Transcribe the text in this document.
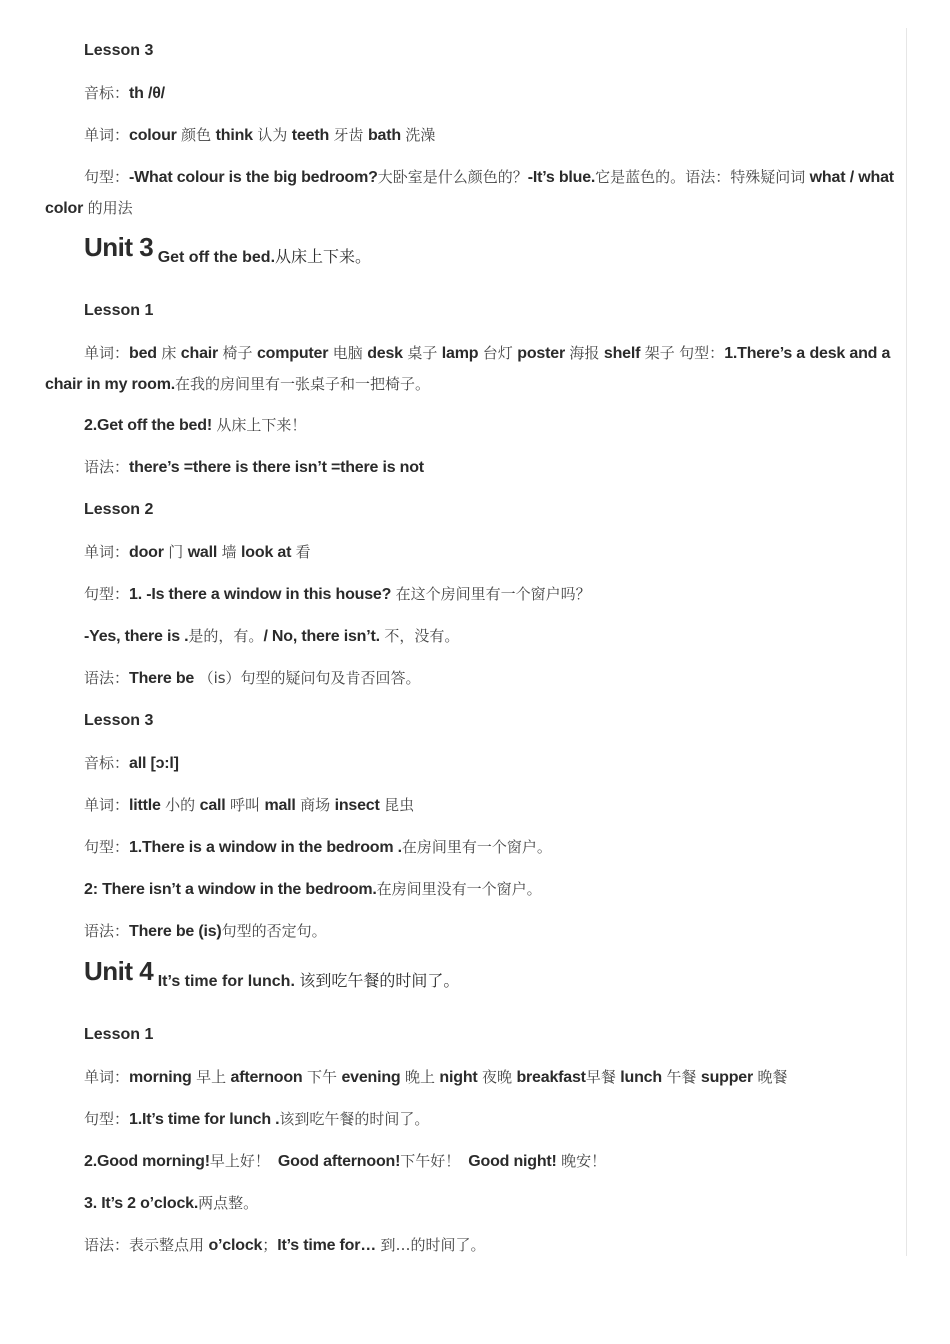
Lesson 3
音标：th /θ/
单词：colour 颜色 think 认为 teeth 牙齿 bath 洗澡
句型：-What colour is the big bedroom?大卧室是什么颜色的？-It’s blue.它是蓝色的。语法：特殊疑问词 what / what color 的用法
Unit 3 Get off the bed.从床上下来。
Lesson 1
单词：bed 床 chair 椅子 computer 电脑 desk 桌子 lamp 台灯 poster 海报 shelf 架子 句型：1.There’s a desk and a chair in my room.在我的房间里有一张桌子和一把椅子。
2.Get off the bed! 从床上下来！
语法：there’s =there is there isn’t =there is not
Lesson 2
单词：door 门 wall 墙 look at 看
句型：1. -Is there a window in this house? 在这个房间里有一个窗户吗？
-Yes, there is .是的，有。/ No, there isn’t. 不，没有。
语法：There be （is）句型的疑问句及肯否回答。
Lesson 3
音标：all [ɔ:l]
单词：little 小的 call 呼叫 mall 商场 insect 昆虫
句型：1.There is a window in the bedroom .在房间里有一个窗户。
2: There isn’t a window in the bedroom.在房间里没有一个窗户。
语法：There be (is)句型的否定句。
Unit 4 It’s time for lunch. 该到吃午餐的时间了。
Lesson 1
单词：morning 早上 afternoon 下午 evening 晚上 night 夜晚 breakfast早餐 lunch 午餐 supper 晚餐
句型：1.It’s time for lunch .该到吃午餐的时间了。
2.Good morning!早上好！ Good afternoon!下午好！ Good night! 晚安！
3. It’s 2 o’clock.两点整。
语法：表示整点用 o’clock；It’s time for… 到…的时间了。
